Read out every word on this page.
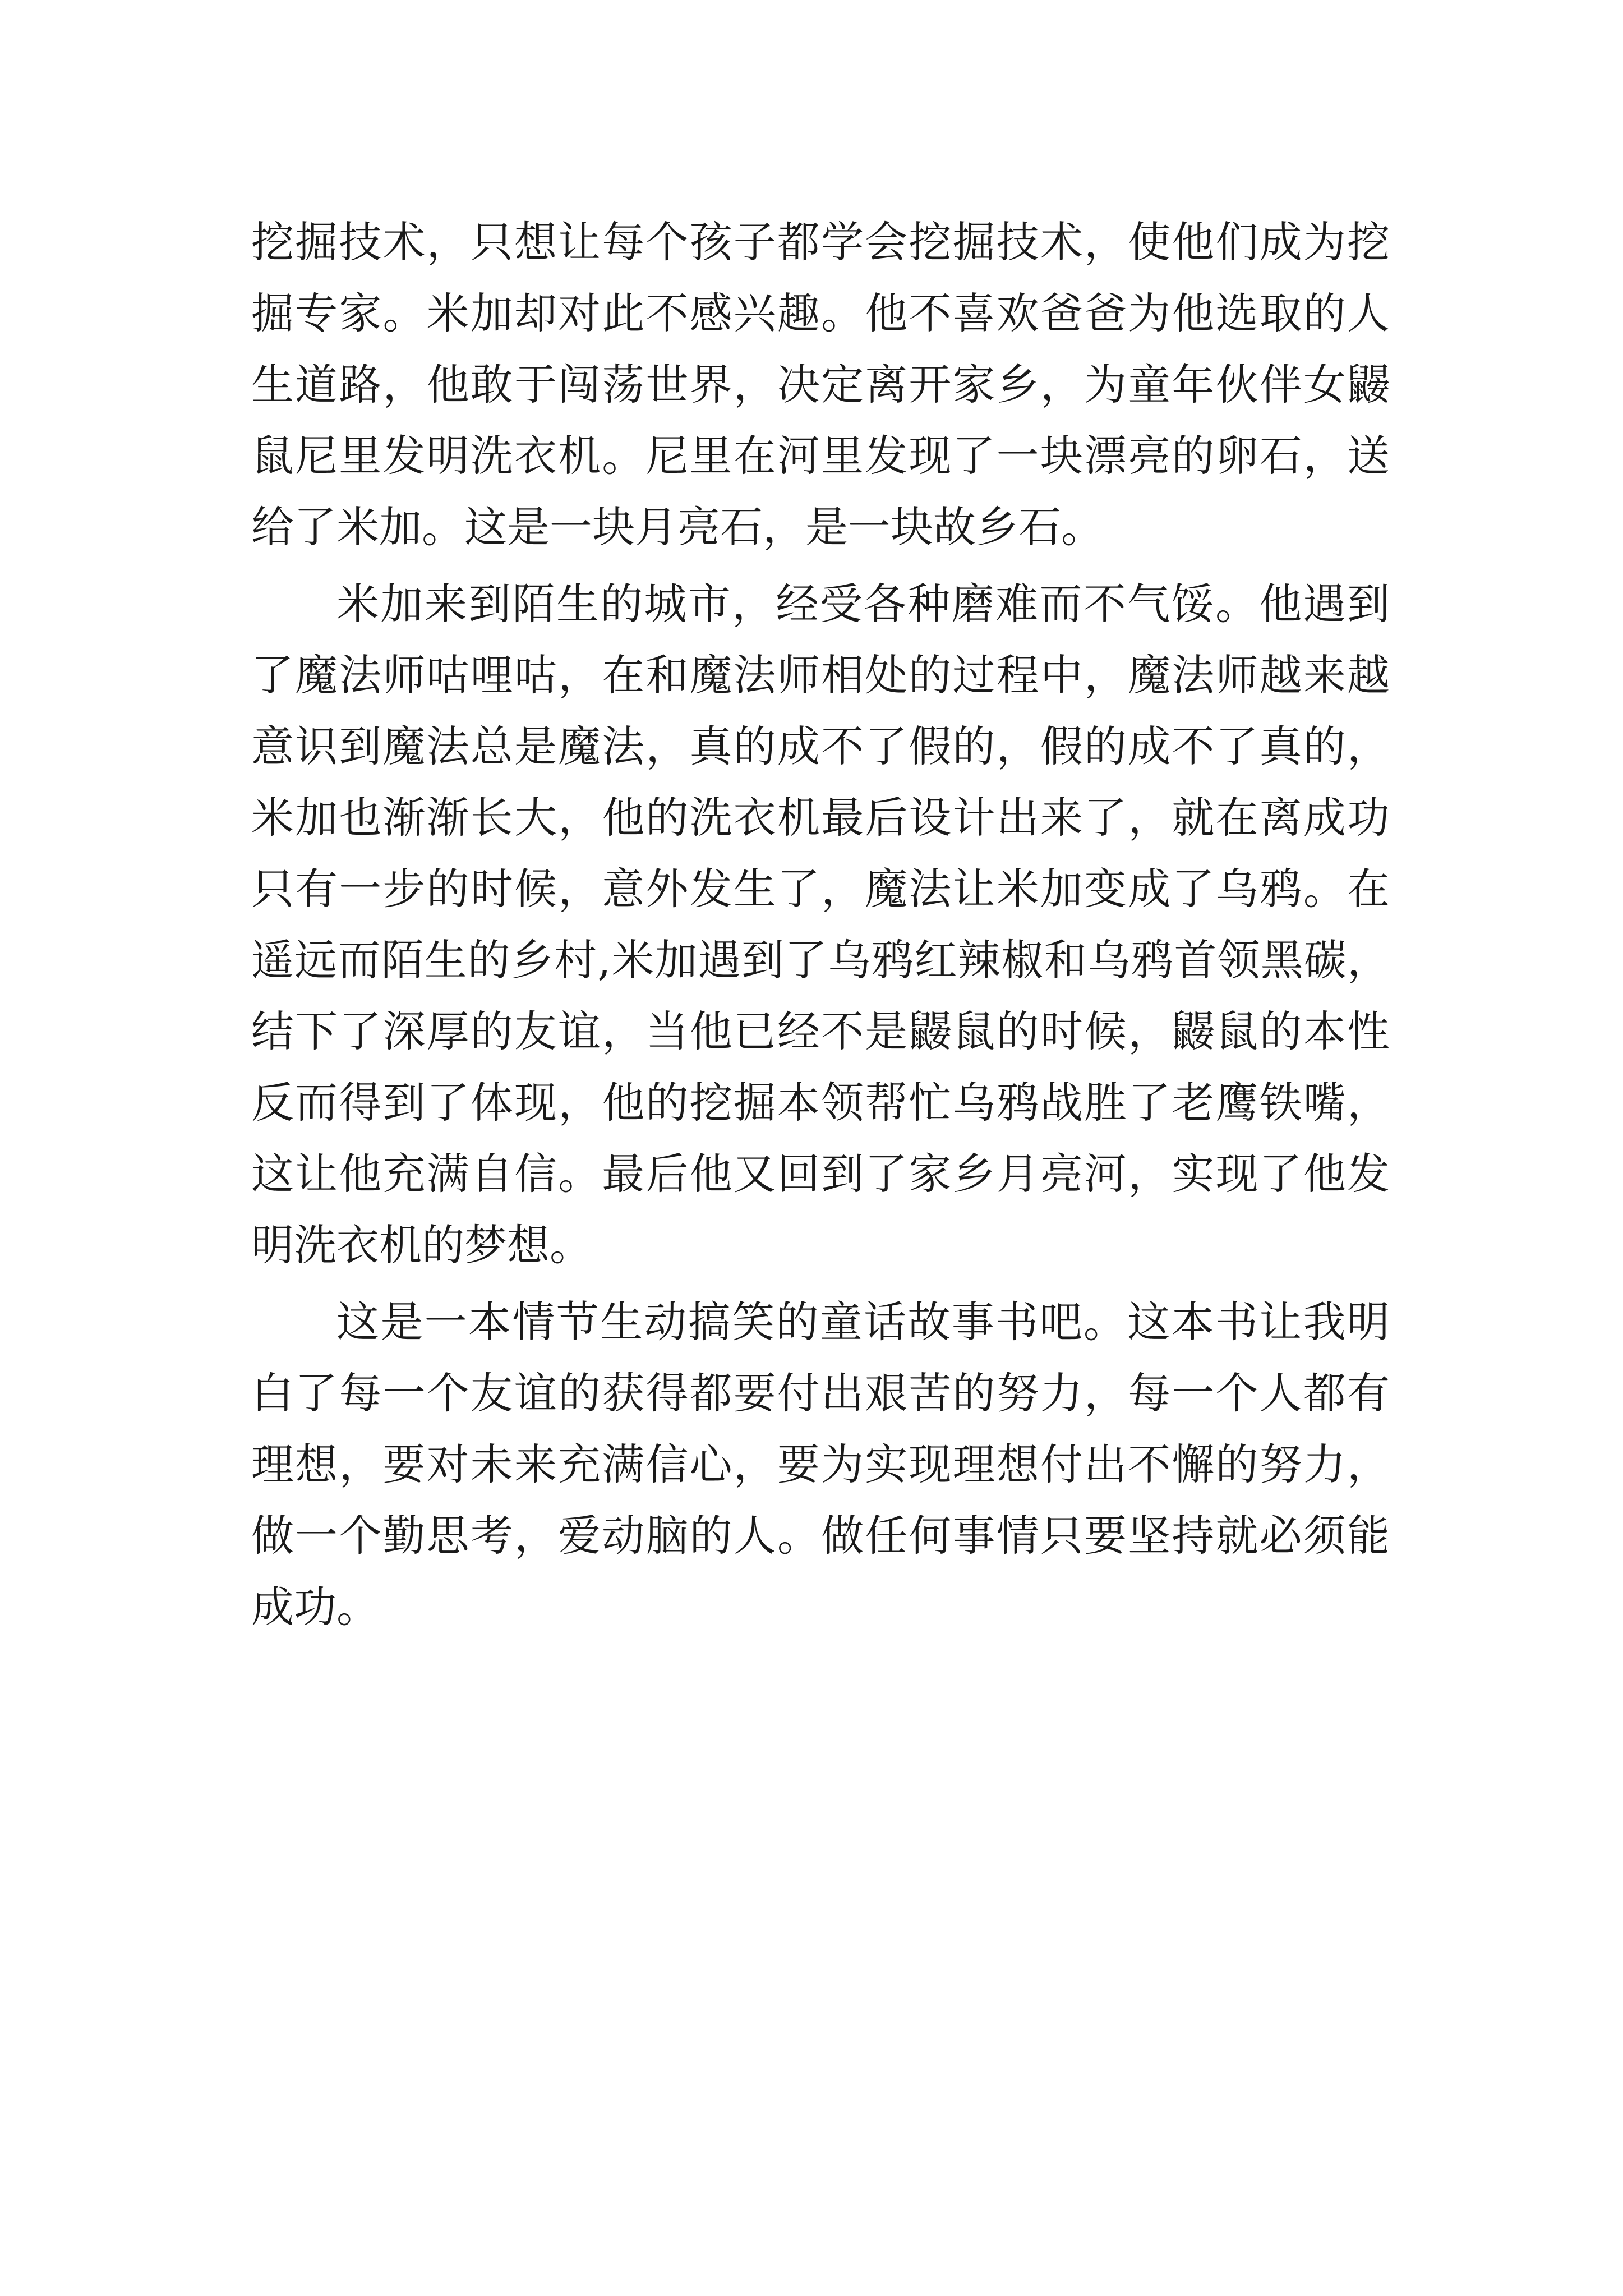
挖掘技术，只想让每个孩子都学会挖掘技术，使他们成为挖
掘专家。米加却对此不感兴趣。他不喜欢爸爸为他选取的人
生道路，他敢于闯荡世界，决定离开家乡，为童年伙伴女鼹
鼠尼里发明洗衣机。尼里在河里发现了一块漂亮的卵石，送
给了米加。这是一块月亮石，是一块故乡石。
米加来到陌生的城市，经受各种磨难而不气馁。他遇到
了魔法师咕哩咕，在和魔法师相处的过程中，魔法师越来越
意识到魔法总是魔法，真的成不了假的，假的成不了真的，
米加也渐渐长大，他的洗衣机最后设计出来了，就在离成功
只有一步的时候，意外发生了，魔法让米加变成了乌鸦。在
遥远而陌生的乡村,米加遇到了乌鸦红辣椒和乌鸦首领黑碳，
结下了深厚的友谊，当他已经不是鼹鼠的时候，鼹鼠的本性
反而得到了体现，他的挖掘本领帮忙乌鸦战胜了老鹰铁嘴，
这让他充满自信。最后他又回到了家乡月亮河，实现了他发
明洗衣机的梦想。
这是一本情节生动搞笑的童话故事书吧。这本书让我明
白了每一个友谊的获得都要付出艰苦的努力，每一个人都有
理想，要对未来充满信心，要为实现理想付出不懈的努力，
做一个勤思考，爱动脑的人。做任何事情只要坚持就必须能
成功。
